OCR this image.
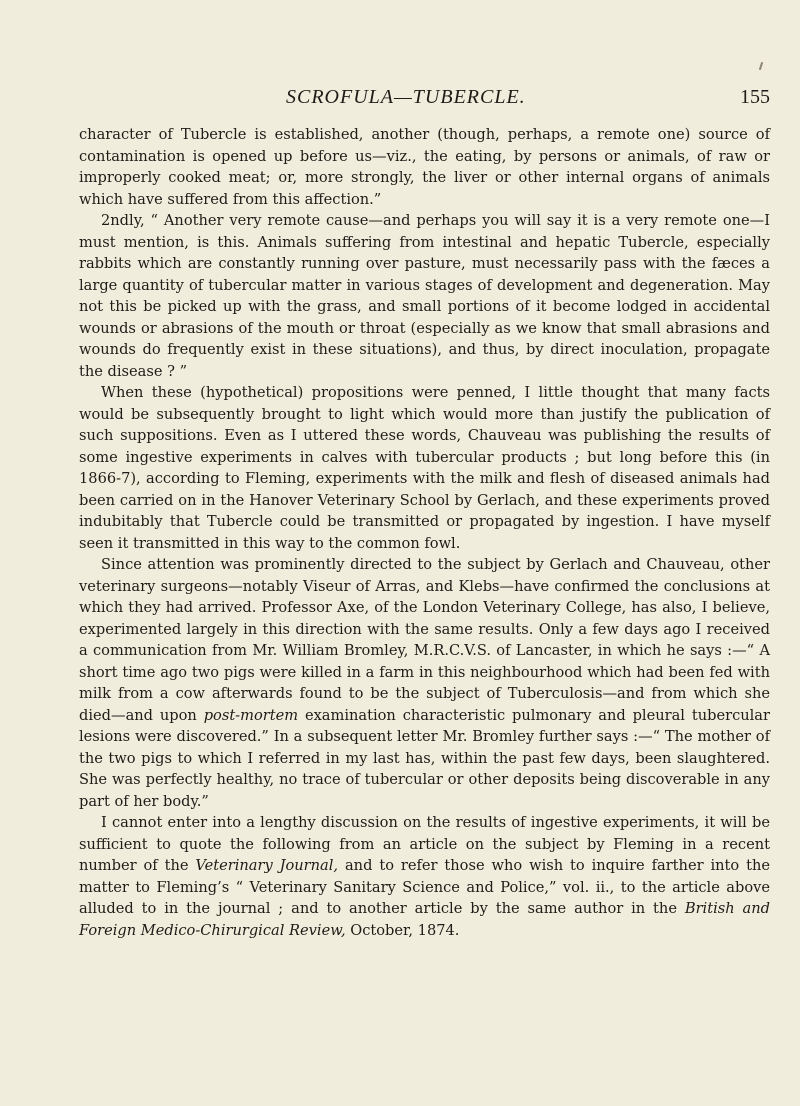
SCROFULA—TUBERCLE.	155

character of Tubercle is established, another (though, perhaps, a remote one) source of contamination is opened up before us—viz., the eating, by persons or animals, of raw or improperly cooked meat; or, more strongly, the liver or other internal organs of animals which have suffered from this affection.”

2ndly, “ Another very remote cause—and perhaps you will say it is a very remote one—I must mention, is this. Animals suffering from intestinal and hepatic Tubercle, especially rabbits which are constantly running over pasture, must necessarily pass with the fæces a large quantity of tubercular matter in various stages of development and degeneration. May not this be picked up with the grass, and small portions of it become lodged in accidental wounds or abrasions of the mouth or throat (especially as we know that small abrasions and wounds do frequently exist in these situations), and thus, by direct inoculation, propagate the disease ? ”

When these (hypothetical) propositions were penned, I little thought that many facts would be subsequently brought to light which would more than justify the publication of such suppositions. Even as I uttered these words, Chauveau was publishing the results of some ingestive experiments in calves with tubercular products ; but long before this (in 1866-7), according to Fleming, experiments with the milk and flesh of diseased animals had been carried on in the Hanover Veterinary School by Gerlach, and these experiments proved indubitably that Tubercle could be transmitted or propagated by ingestion. I have myself seen it transmitted in this way to the common fowl.

Since attention was prominently directed to the subject by Gerlach and Chauveau, other veterinary surgeons—notably Viseur of Arras, and Klebs—have confirmed the conclusions at which they had arrived. Professor Axe, of the London Veterinary College, has also, I believe, experimented largely in this direction with the same results. Only a few days ago I received a communication from Mr. William Bromley, M.R.C.V.S. of Lancaster, in which he says :—“ A short time ago two pigs were killed in a farm in this neighbourhood which had been fed with milk from a cow afterwards found to be the subject of Tuberculosis—and from which she died—and upon post-mortem examination characteristic pulmonary and pleural tubercular lesions were discovered.” In a subsequent letter Mr. Bromley further says :—“ The mother of the two pigs to which I referred in my last has, within the past few days, been slaughtered. She was perfectly healthy, no trace of tubercular or other deposits being discoverable in any part of her body.”

I cannot enter into a lengthy discussion on the results of ingestive experiments, it will be sufficient to quote the following from an article on the subject by Fleming in a recent number of the Veterinary Journal, and to refer those who wish to inquire farther into the matter to Fleming’s “ Veterinary Sanitary Science and Police,” vol. ii., to the article above alluded to in the journal ; and to another article by the same author in the British and Foreign Medico-Chirurgical Review, October, 1874.
